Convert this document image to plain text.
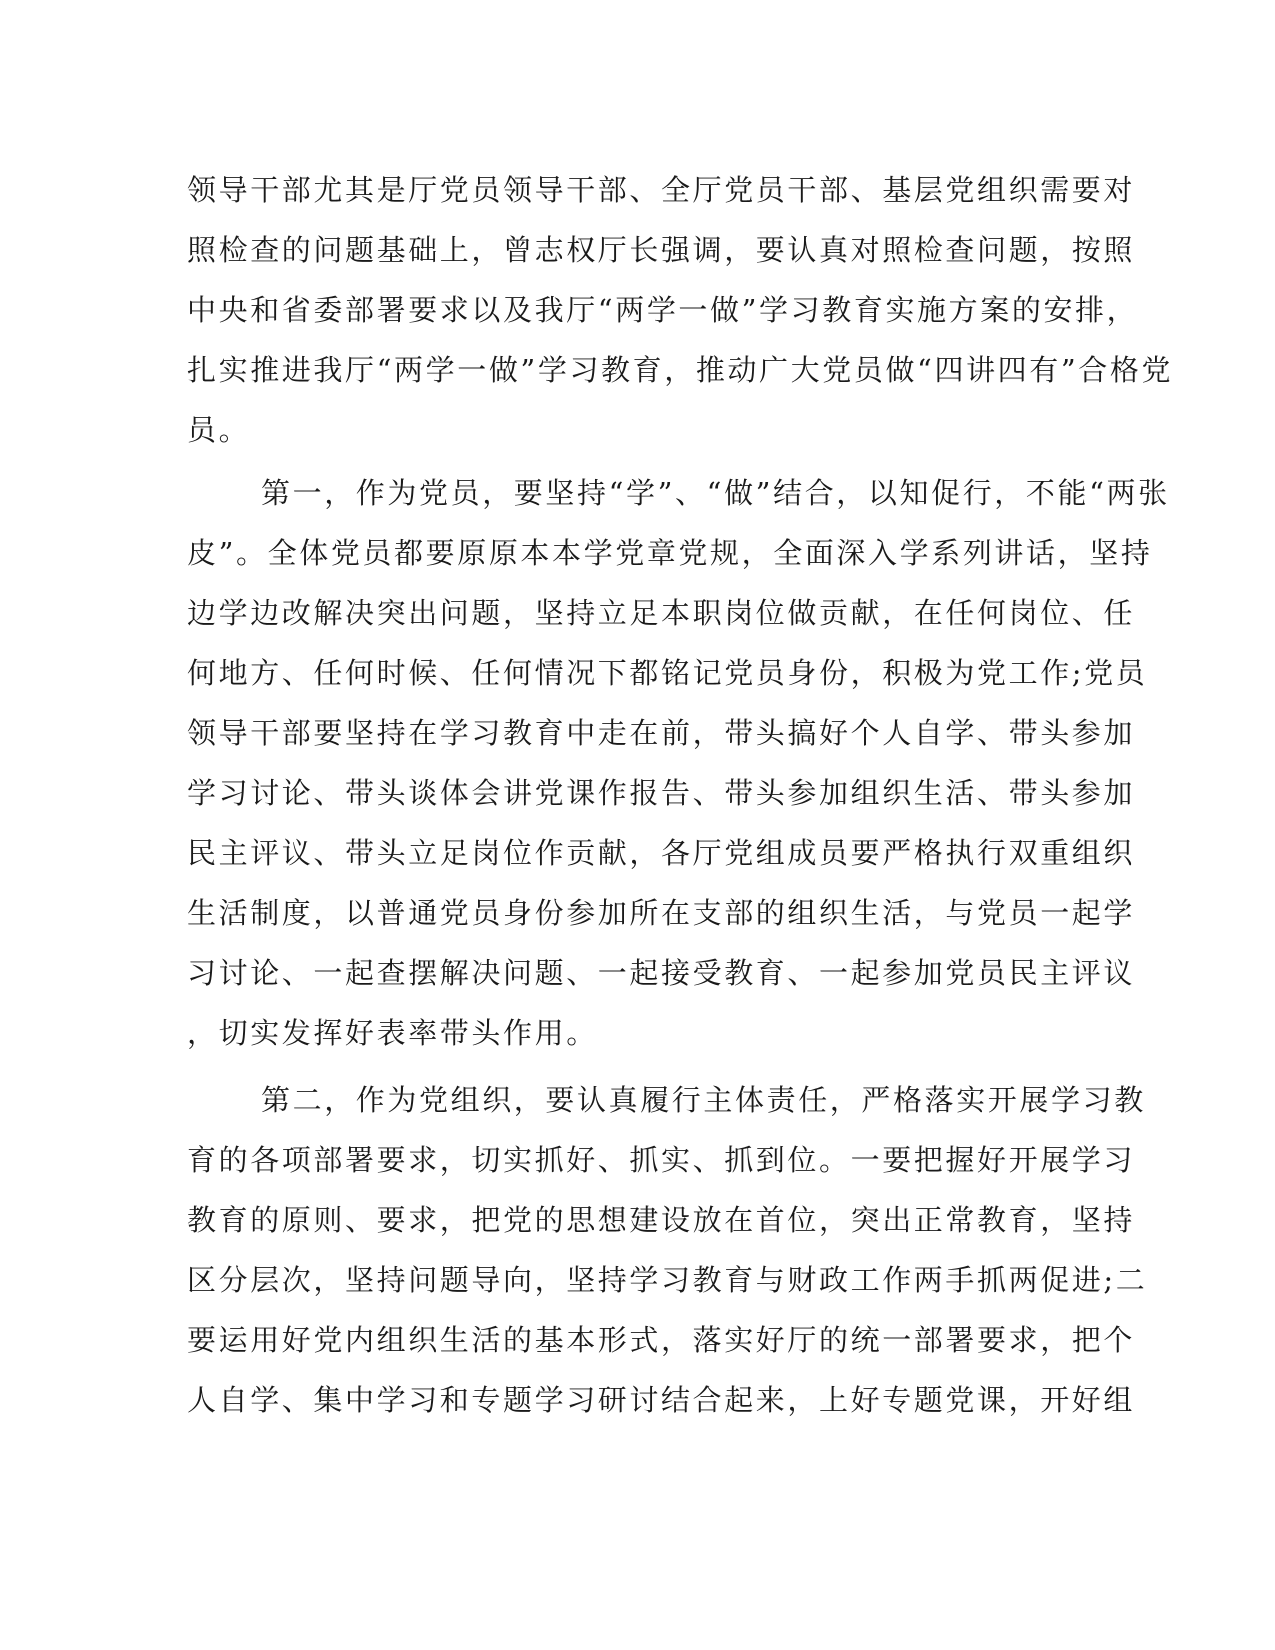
领导干部尤其是厅党员领导干部、全厅党员干部、基层党组织需要对
照检查的问题基础上，曾志权厅长强调，要认真对照检查问题，按照
中央和省委部署要求以及我厅“两学一做”学习教育实施方案的安排，
扎实推进我厅“两学一做”学习教育，推动广大党员做“四讲四有”合格党
员。
第一，作为党员，要坚持“学”、“做”结合，以知促行，不能“两张
皮”。全体党员都要原原本本学党章党规，全面深入学系列讲话，坚持
边学边改解决突出问题，坚持立足本职岗位做贡献，在任何岗位、任
何地方、任何时候、任何情况下都铭记党员身份，积极为党工作;党员
领导干部要坚持在学习教育中走在前，带头搞好个人自学、带头参加
学习讨论、带头谈体会讲党课作报告、带头参加组织生活、带头参加
民主评议、带头立足岗位作贡献，各厅党组成员要严格执行双重组织
生活制度，以普通党员身份参加所在支部的组织生活，与党员一起学
习讨论、一起查摆解决问题、一起接受教育、一起参加党员民主评议
，切实发挥好表率带头作用。
第二，作为党组织，要认真履行主体责任，严格落实开展学习教
育的各项部署要求，切实抓好、抓实、抓到位。一要把握好开展学习
教育的原则、要求，把党的思想建设放在首位，突出正常教育，坚持
区分层次，坚持问题导向，坚持学习教育与财政工作两手抓两促进;二
要运用好党内组织生活的基本形式，落实好厅的统一部署要求，把个
人自学、集中学习和专题学习研讨结合起来，上好专题党课，开好组
